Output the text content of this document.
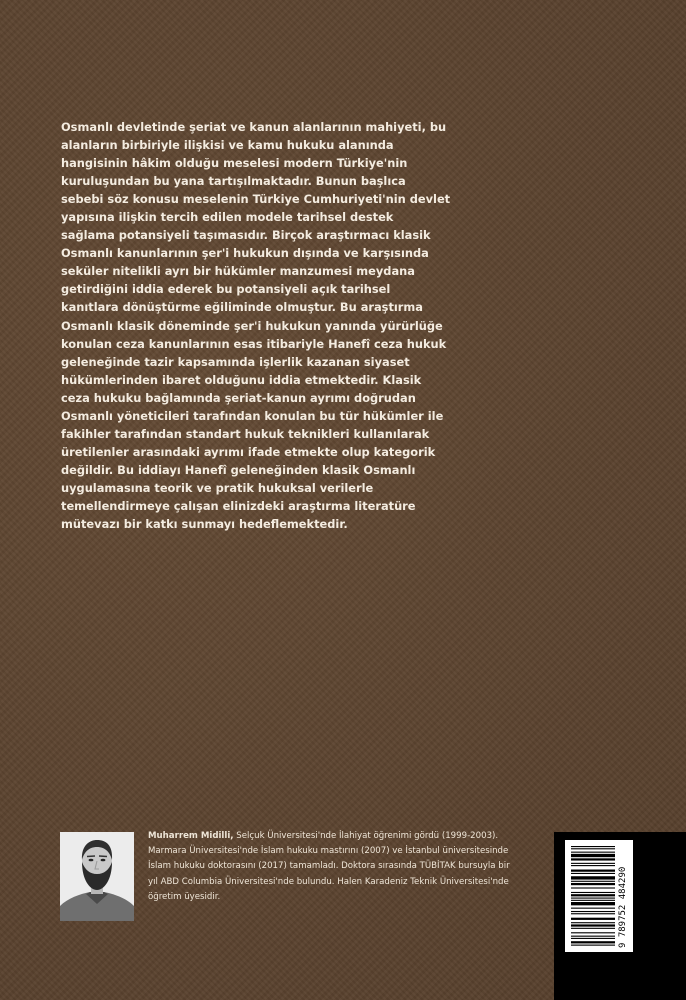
Osmanlı devletinde şeriat ve kanun alanlarının mahiyeti, bu alanların birbiriyle ilişkisi ve kamu hukuku alanında hangisinin hâkim olduğu meselesi modern Türkiye'nin kuruluşundan bu yana tartışılmaktadır. Bunun başlıca sebebi söz konusu meselenin Türkiye Cumhuriyeti'nin devlet yapısına ilişkin tercih edilen modele tarihsel destek sağlama potansiyeli taşımasıdır. Birçok araştırmacı klasik Osmanlı kanunlarının şer'i hukukun dışında ve karşısında seküler nitelikli ayrı bir hükümler manzumesi meydana getirdiğini iddia ederek bu potansiyeli açık tarihsel kanıtlara dönüştürme eğiliminde olmuştur. Bu araştırma Osmanlı klasik döneminde şer'i hukukun yanında yürürlüğe konulan ceza kanunlarının esas itibariyle Hanefî ceza hukuk geleneğinde tazir kapsamında işlerlik kazanan siyaset hükümlerinden ibaret olduğunu iddia etmektedir. Klasik ceza hukuku bağlamında şeriat-kanun ayrımı doğrudan Osmanlı yöneticileri tarafından konulan bu tür hükümler ile fakihler tarafından standart hukuk teknikleri kullanılarak üretilenler arasındaki ayrımı ifade etmekte olup kategorik değildir. Bu iddiayı Hanefî geleneğinden klasik Osmanlı uygulamasına teorik ve pratik hukuksal verilerle temellendirmeye çalışan elinizdeki araştırma literatüre mütevazı bir katkı sunmayı hedeflemektedir.

Muharrem Midilli, Selçuk Üniversitesi'nde İlahiyat öğrenimi gördü (1999-2003). Marmara Üniversitesi'nde İslam hukuku mastırını (2007) ve İstanbul üniversitesinde İslam hukuku doktorasını (2017) tamamladı. Doktora sırasında TÜBİTAK bursuyla bir yıl ABD Columbia Üniversitesi'nde bulundu. Halen Karadeniz Teknik Üniversitesi'nde öğretim üyesidir.	9 789752 484290
